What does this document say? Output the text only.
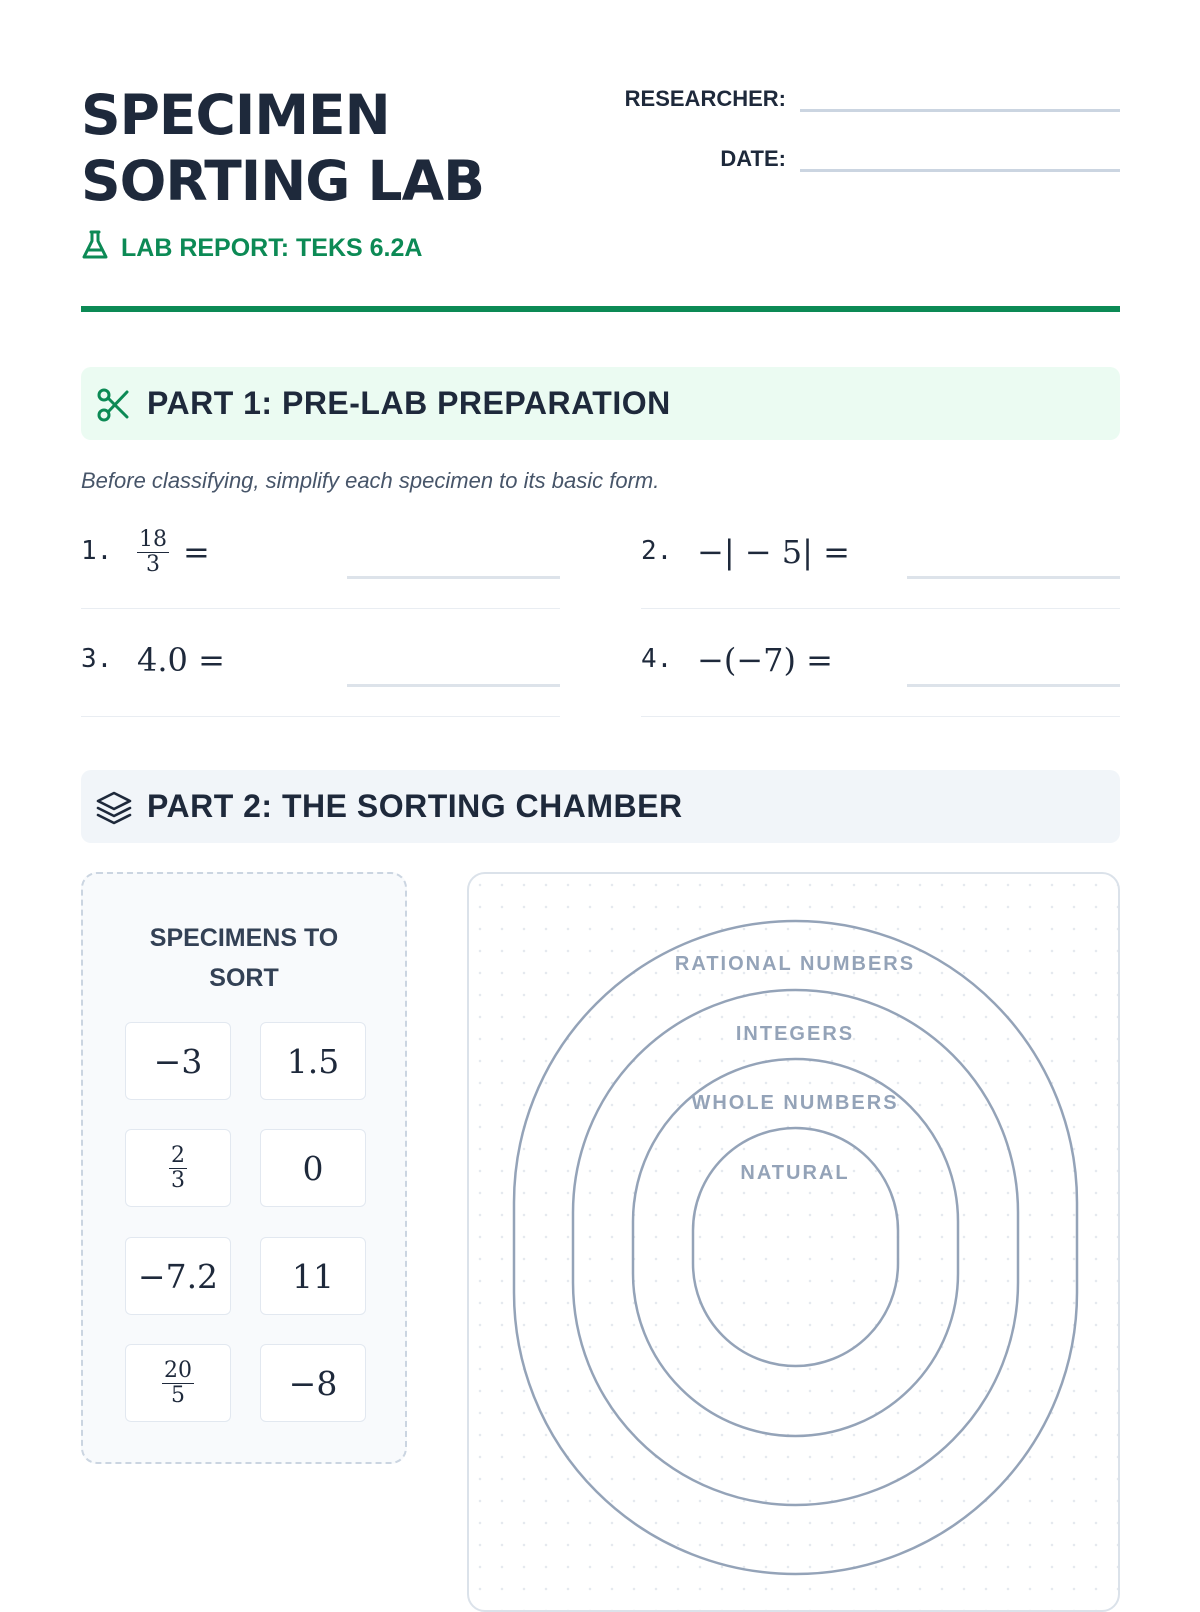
SPECIMEN
SORTING LAB
LAB REPORT: TEKS 6.2A
RESEARCHER:
DATE:
PART 1: PRE-LAB PREPARATION
Before classifying, simplify each specimen to its basic form.
1. $\frac{18}{3}$ =	2. −| − 5| =
3. 4.0 =	4. −(−7) =
PART 2: THE SORTING CHAMBER
SPECIMENS TO SORT
−3	1.5
$\frac{2}{3}$	0
−7.2 11
$\frac{20}{5}$	−8
RATIONAL NUMBERS
INTEGERS
WHOLE NUMBERS
NATURAL
